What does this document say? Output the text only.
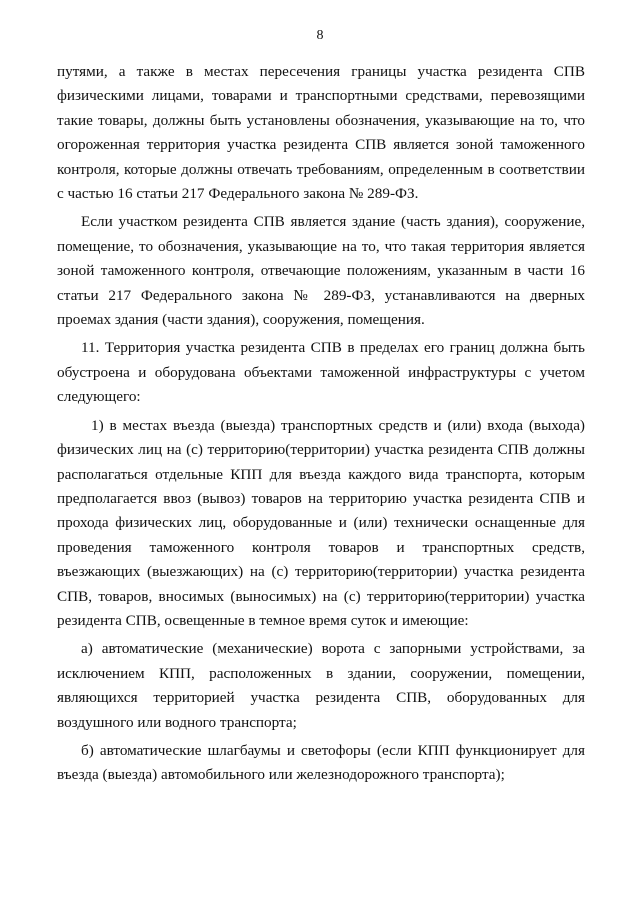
8

путями, а также в местах пересечения границы участка резидента СПВ физическими лицами, товарами и транспортными средствами, перевозящими такие товары, должны быть установлены обозначения, указывающие на то, что огороженная территория участка резидента СПВ является зоной таможенного контроля, которые должны отвечать требованиям, определенным в соответствии с частью 16 статьи 217 Федерального закона № 289-ФЗ.

Если участком резидента СПВ является здание (часть здания), сооружение, помещение, то обозначения, указывающие на то, что такая территория является зоной таможенного контроля, отвечающие положениям, указанным в части 16 статьи 217 Федерального закона № 289-ФЗ, устанавливаются на дверных проемах здания (части здания), сооружения, помещения.

11. Территория участка резидента СПВ в пределах его границ должна быть обустроена и оборудована объектами таможенной инфраструктуры с учетом следующего:

1) в местах въезда (выезда) транспортных средств и (или) входа (выхода) физических лиц на (с) территорию(территории) участка резидента СПВ должны располагаться отдельные КПП для въезда каждого вида транспорта, которым предполагается ввоз (вывоз) товаров на территорию участка резидента СПВ и прохода физических лиц, оборудованные и (или) технически оснащенные для проведения таможенного контроля товаров и транспортных средств, въезжающих (выезжающих) на (с) территорию(территории) участка резидента СПВ, товаров, вносимых (выносимых) на (с) территорию(территории) участка резидента СПВ, освещенные в темное время суток и имеющие:

а) автоматические (механические) ворота с запорными устройствами, за исключением КПП, расположенных в здании, сооружении, помещении, являющихся территорией участка резидента СПВ, оборудованных для воздушного или водного транспорта;

б) автоматические шлагбаумы и светофоры (если КПП функционирует для въезда (выезда) автомобильного или железнодорожного транспорта);
